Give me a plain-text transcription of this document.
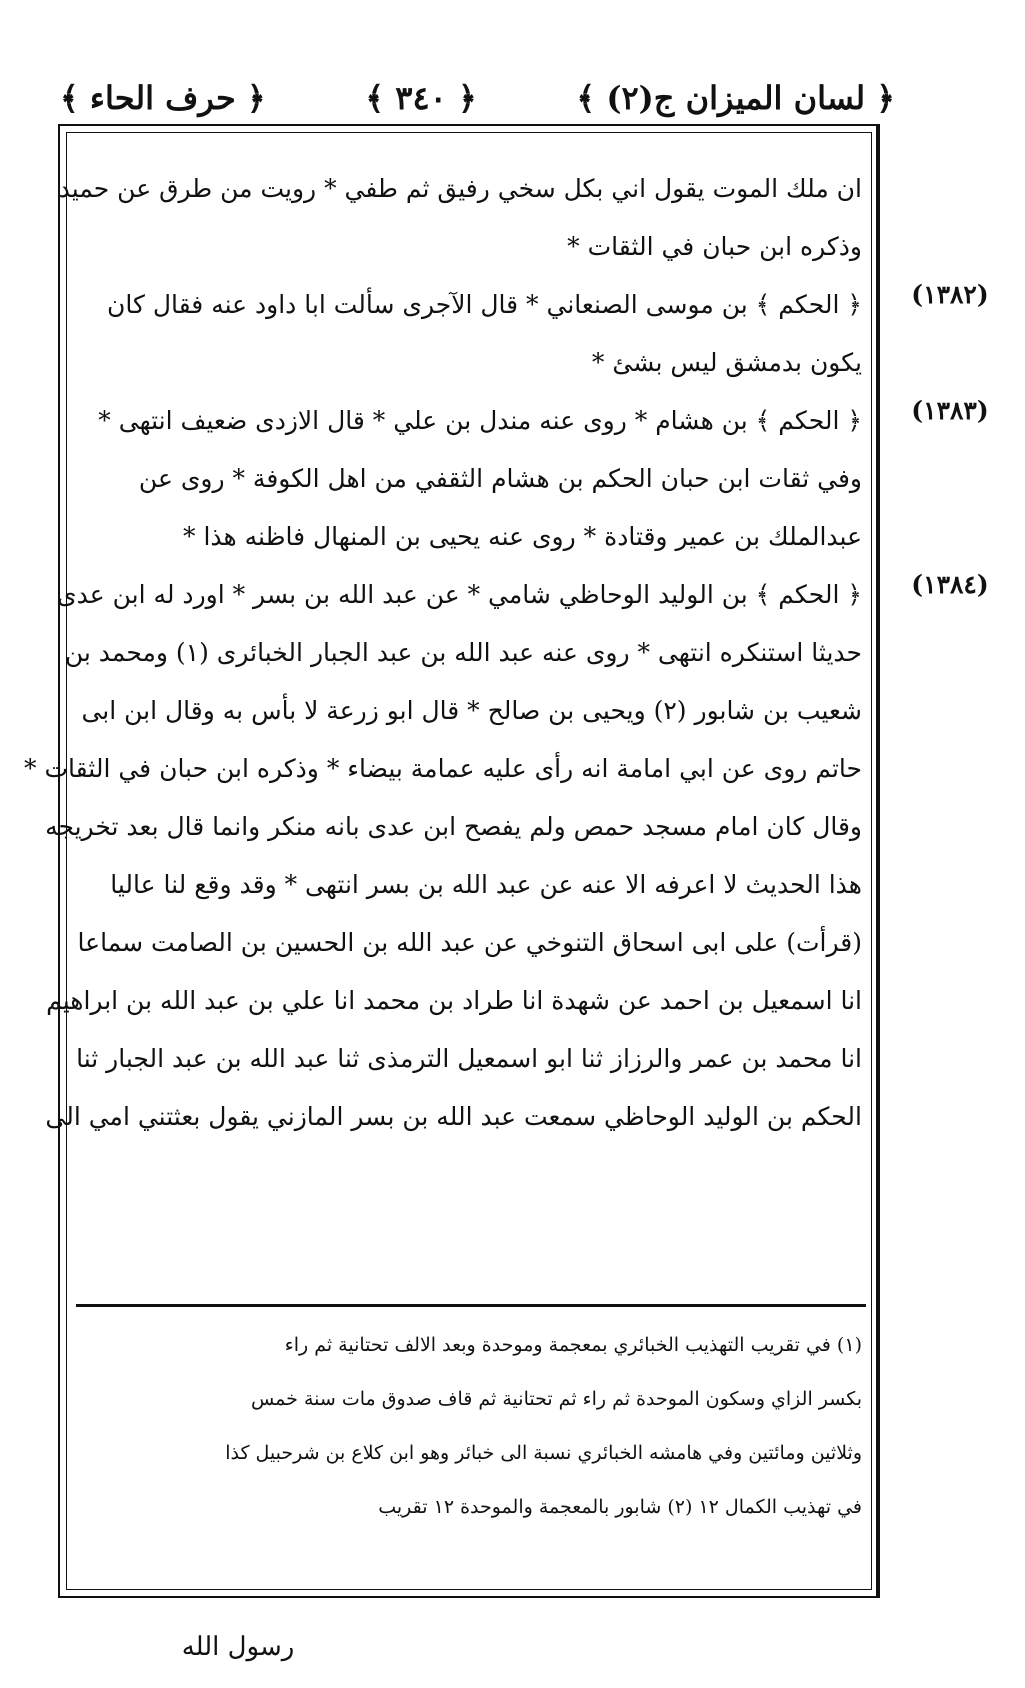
﴿ لسان الميزان ج(٢) ﴾
﴿ ٣٤٠ ﴾
﴿ حرف الحاء ﴾
(١٣٨٢)
(١٣٨٣)
(١٣٨٤)
ان ملك الموت يقول اني بكل سخي رفيق ثم طفي * رويت من طرق عن حميد
وذكره ابن حبان في الثقات *
﴿ الحكم ﴾ بن موسى الصنعاني * قال الآجرى سألت ابا داود عنه فقال كان
يكون بدمشق ليس بشئ *
﴿ الحكم ﴾ بن هشام * روى عنه مندل بن علي * قال الازدى ضعيف انتهى *
وفي ثقات ابن حبان الحكم بن هشام الثقفي من اهل الكوفة * روى عن
عبدالملك بن عمير وقتادة * روى عنه يحيى بن المنهال فاظنه هذا *
﴿ الحكم ﴾ بن الوليد الوحاظي شامي * عن عبد الله بن بسر * اورد له ابن عدى
حديثا استنكره انتهى * روى عنه عبد الله بن عبد الجبار الخبائرى (١) ومحمد بن
شعيب بن شابور (٢) ويحيى بن صالح * قال ابو زرعة لا بأس به وقال ابن ابى
حاتم روى عن ابي امامة انه رأى عليه عمامة بيضاء * وذكره ابن حبان في الثقات *
وقال كان امام مسجد حمص ولم يفصح ابن عدى بانه منكر وانما قال بعد تخريجه
هذا الحديث لا اعرفه الا عنه عن عبد الله بن بسر انتهى * وقد وقع لنا عاليا
(قرأت) على ابى اسحاق التنوخي عن عبد الله بن الحسين بن الصامت سماعا
انا اسمعيل بن احمد عن شهدة انا طراد بن محمد انا علي بن عبد الله بن ابراهيم
انا محمد بن عمر والرزاز ثنا ابو اسمعيل الترمذى ثنا عبد الله بن عبد الجبار ثنا
الحكم بن الوليد الوحاظي سمعت عبد الله بن بسر المازني يقول بعثتني امي الى
(١) في تقريب التهذيب الخبائري بمعجمة وموحدة وبعد الالف تحتانية ثم راء
بكسر الزاي وسكون الموحدة ثم راء ثم تحتانية ثم قاف صدوق مات سنة خمس
وثلاثين ومائتين وفي هامشه الخبائري نسبة الى خبائر وهو ابن كلاع بن شرحبيل كذا
في تهذيب الكمال ١٢ (٢) شابور بالمعجمة والموحدة ١٢ تقريب
رسول الله
